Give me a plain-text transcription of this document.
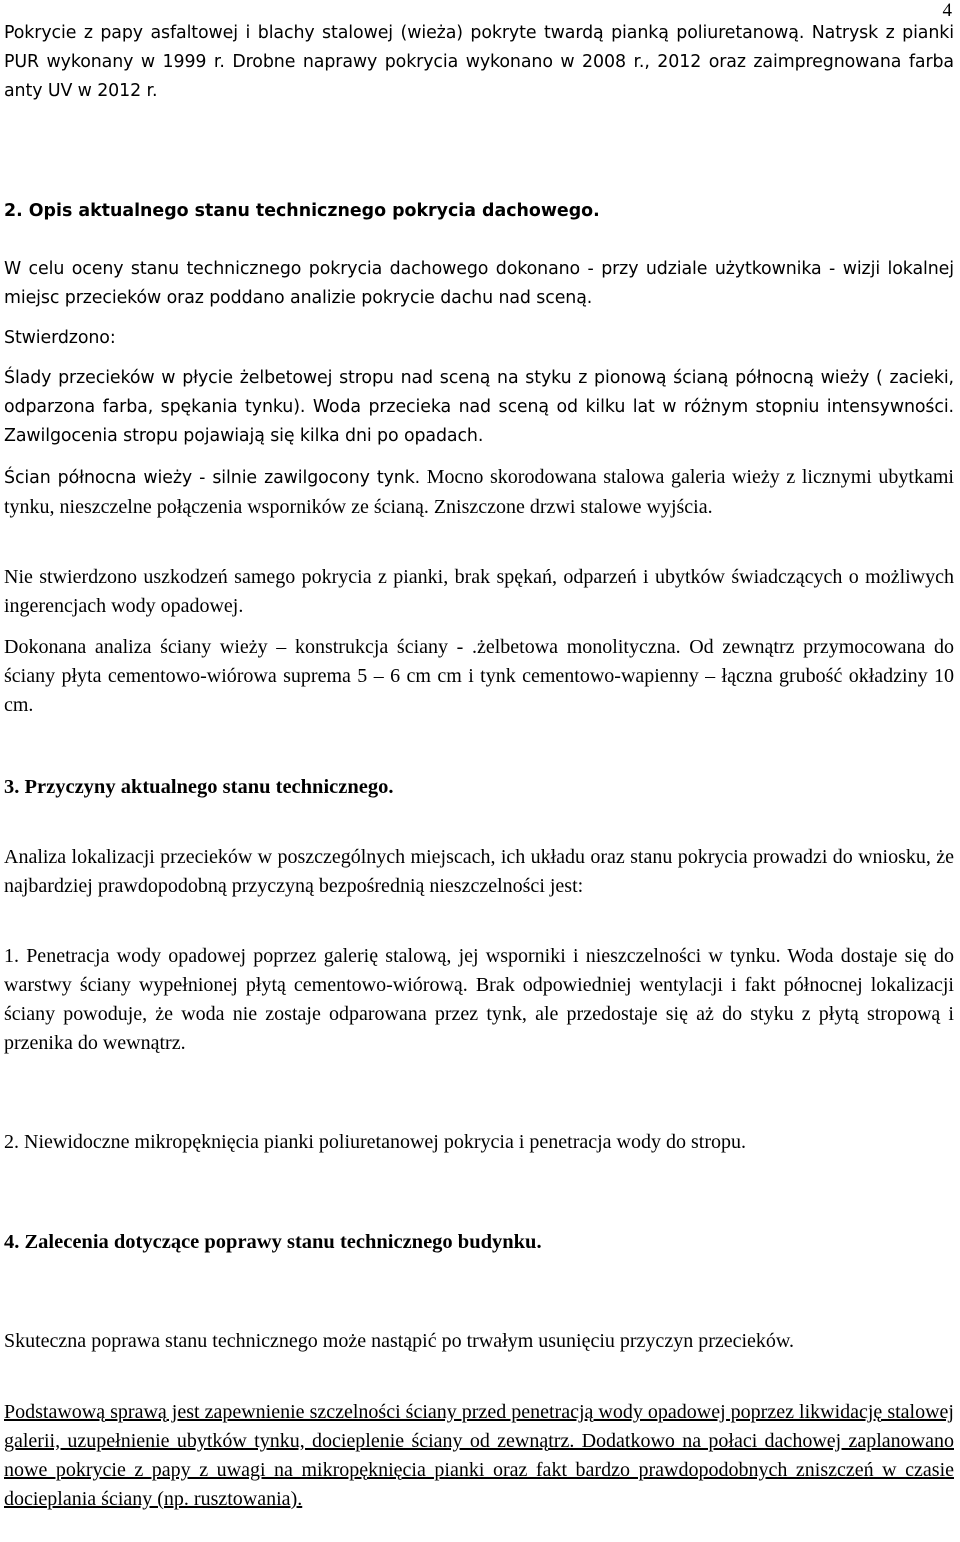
4

Pokrycie z papy asfaltowej i blachy stalowej (wieża) pokryte twardą pianką poliuretanową. Natrysk z pianki PUR wykonany w 1999 r. Drobne naprawy pokrycia wykonano w 2008 r., 2012 oraz zaimpregnowana farba anty UV w 2012 r.

2. Opis aktualnego stanu technicznego pokrycia dachowego.

W celu oceny stanu technicznego pokrycia dachowego dokonano - przy udziale użytkownika - wizji lokalnej miejsc przecieków oraz poddano analizie pokrycie dachu nad sceną.

Stwierdzono:

Ślady przecieków w płycie żelbetowej stropu nad sceną na styku z pionową ścianą północną wieży ( zacieki, odparzona farba, spękania tynku). Woda przecieka nad sceną od kilku lat w różnym stopniu intensywności. Zawilgocenia stropu pojawiają się kilka dni po opadach.

Ścian północna wieży - silnie zawilgocony tynk. Mocno skorodowana stalowa galeria wieży z licznymi ubytkami tynku, nieszczelne połączenia wsporników ze ścianą. Zniszczone drzwi stalowe wyjścia.

Nie stwierdzono uszkodzeń samego pokrycia z pianki, brak spękań, odparzeń i ubytków świadczących o możliwych ingerencjach wody opadowej.

Dokonana analiza ściany wieży – konstrukcja ściany - .żelbetowa monolityczna. Od zewnątrz przymocowana do ściany płyta cementowo-wiórowa suprema 5 – 6 cm cm i tynk cementowo-wapienny – łączna grubość okładziny 10 cm.

3. Przyczyny aktualnego stanu technicznego.

Analiza lokalizacji przecieków w poszczególnych miejscach, ich układu oraz stanu pokrycia prowadzi do wniosku, że najbardziej prawdopodobną przyczyną bezpośrednią nieszczelności jest:

1. Penetracja wody opadowej poprzez galerię stalową, jej wsporniki i nieszczelności w tynku. Woda dostaje się do warstwy ściany wypełnionej płytą cementowo-wiórową. Brak odpowiedniej wentylacji i fakt północnej lokalizacji ściany powoduje, że woda nie zostaje odparowana przez tynk, ale przedostaje się aż do styku z płytą stropową i przenika do wewnątrz.

2. Niewidoczne mikropęknięcia pianki poliuretanowej pokrycia i penetracja wody do stropu.

4. Zalecenia dotyczące poprawy stanu technicznego budynku.

Skuteczna poprawa stanu technicznego może nastąpić po trwałym usunięciu przyczyn przecieków.

Podstawową sprawą jest zapewnienie szczelności ściany przed penetracją wody opadowej poprzez likwidację stalowej galerii, uzupełnienie ubytków tynku, docieplenie ściany od zewnątrz. Dodatkowo na połaci dachowej zaplanowano nowe pokrycie z papy z uwagi na mikropęknięcia pianki oraz fakt bardzo prawdopodobnych zniszczeń w czasie docieplania ściany (np. rusztowania).
